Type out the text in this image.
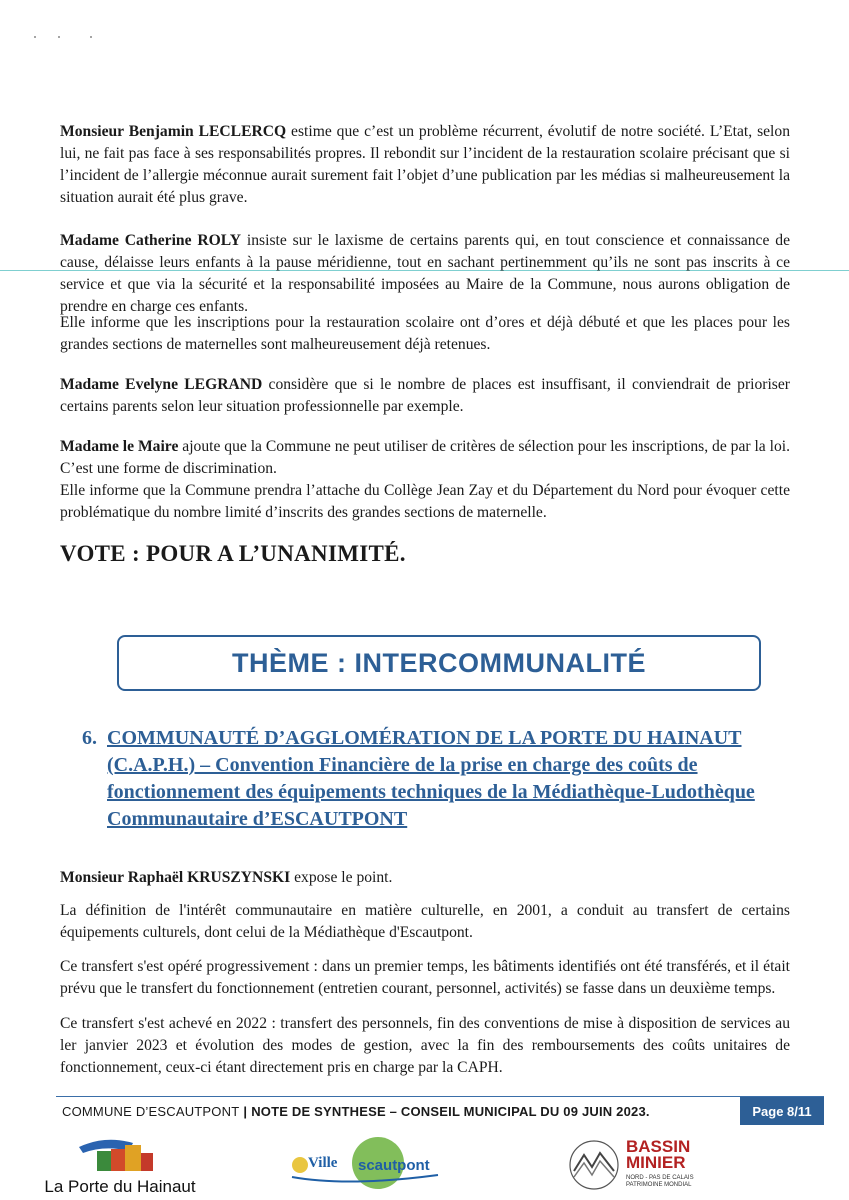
Monsieur Benjamin LECLERCQ estime que c’est un problème récurrent, évolutif de notre société. L’Etat, selon lui, ne fait pas face à ses responsabilités propres. Il rebondit sur l’incident de la restauration scolaire précisant que si l’incident de l’allergie méconnue aurait surement fait l’objet d’une publication par les médias si malheureusement la situation aurait été plus grave.

Madame Catherine ROLY insiste sur le laxisme de certains parents qui, en tout conscience et connaissance de cause, délaisse leurs enfants à la pause méridienne, tout en sachant pertinemment qu’ils ne sont pas inscrits à ce service et que via la sécurité et la responsabilité imposées au Maire de la Commune, nous aurons obligation de prendre en charge ces enfants.

Elle informe que les inscriptions pour la restauration scolaire ont d’ores et déjà débuté et que les places pour les grandes sections de maternelles sont malheureusement déjà retenues.

Madame Evelyne LEGRAND considère que si le nombre de places est insuffisant, il conviendrait de prioriser certains parents selon leur situation professionnelle par exemple.

Madame le Maire ajoute que la Commune ne peut utiliser de critères de sélection pour les inscriptions, de par la loi. C’est une forme de discrimination.

Elle informe que la Commune prendra l’attache du Collège Jean Zay et du Département du Nord pour évoquer cette problématique du nombre limité d’inscrits des grandes sections de maternelle.

VOTE : POUR A L’UNANIMITÉ.

THÈME : INTERCOMMUNALITÉ
6. COMMUNAUTÉ D’AGGLOMÉRATION DE LA PORTE DU HAINAUT
(C.A.P.H.) – Convention Financière de la prise en charge des coûts de
fonctionnement des équipements techniques de la Médiathèque-Ludothèque
Communautaire d’ESCAUTPONT

Monsieur Raphaël KRUSZYNSKI expose le point.

La définition de l'intérêt communautaire en matière culturelle, en 2001, a conduit au transfert de certains équipements culturels, dont celui de la Médiathèque d'Escautpont.

Ce transfert s'est opéré progressivement : dans un premier temps, les bâtiments identifiés ont été transférés, et il était prévu que le transfert du fonctionnement (entretien courant, personnel, activités) se fasse dans un deuxième temps.

Ce transfert s'est achevé en 2022 : transfert des personnels, fin des conventions de mise à disposition de services au ler janvier 2023 et évolution des modes de gestion, avec la fin des remboursements des coûts unitaires de fonctionnement, ceux-ci étant directement pris en charge par la CAPH.

COMMUNE D’ESCAUTPONT | NOTE DE SYNTHESE – CONSEIL MUNICIPAL DU 09 JUIN 2023.	Page 8/11
La Porte du Hainaut
Ville scautpont
BASSIN
MINIER
NORD - PAS DE CALAIS PATRIMOINE MONDIAL
